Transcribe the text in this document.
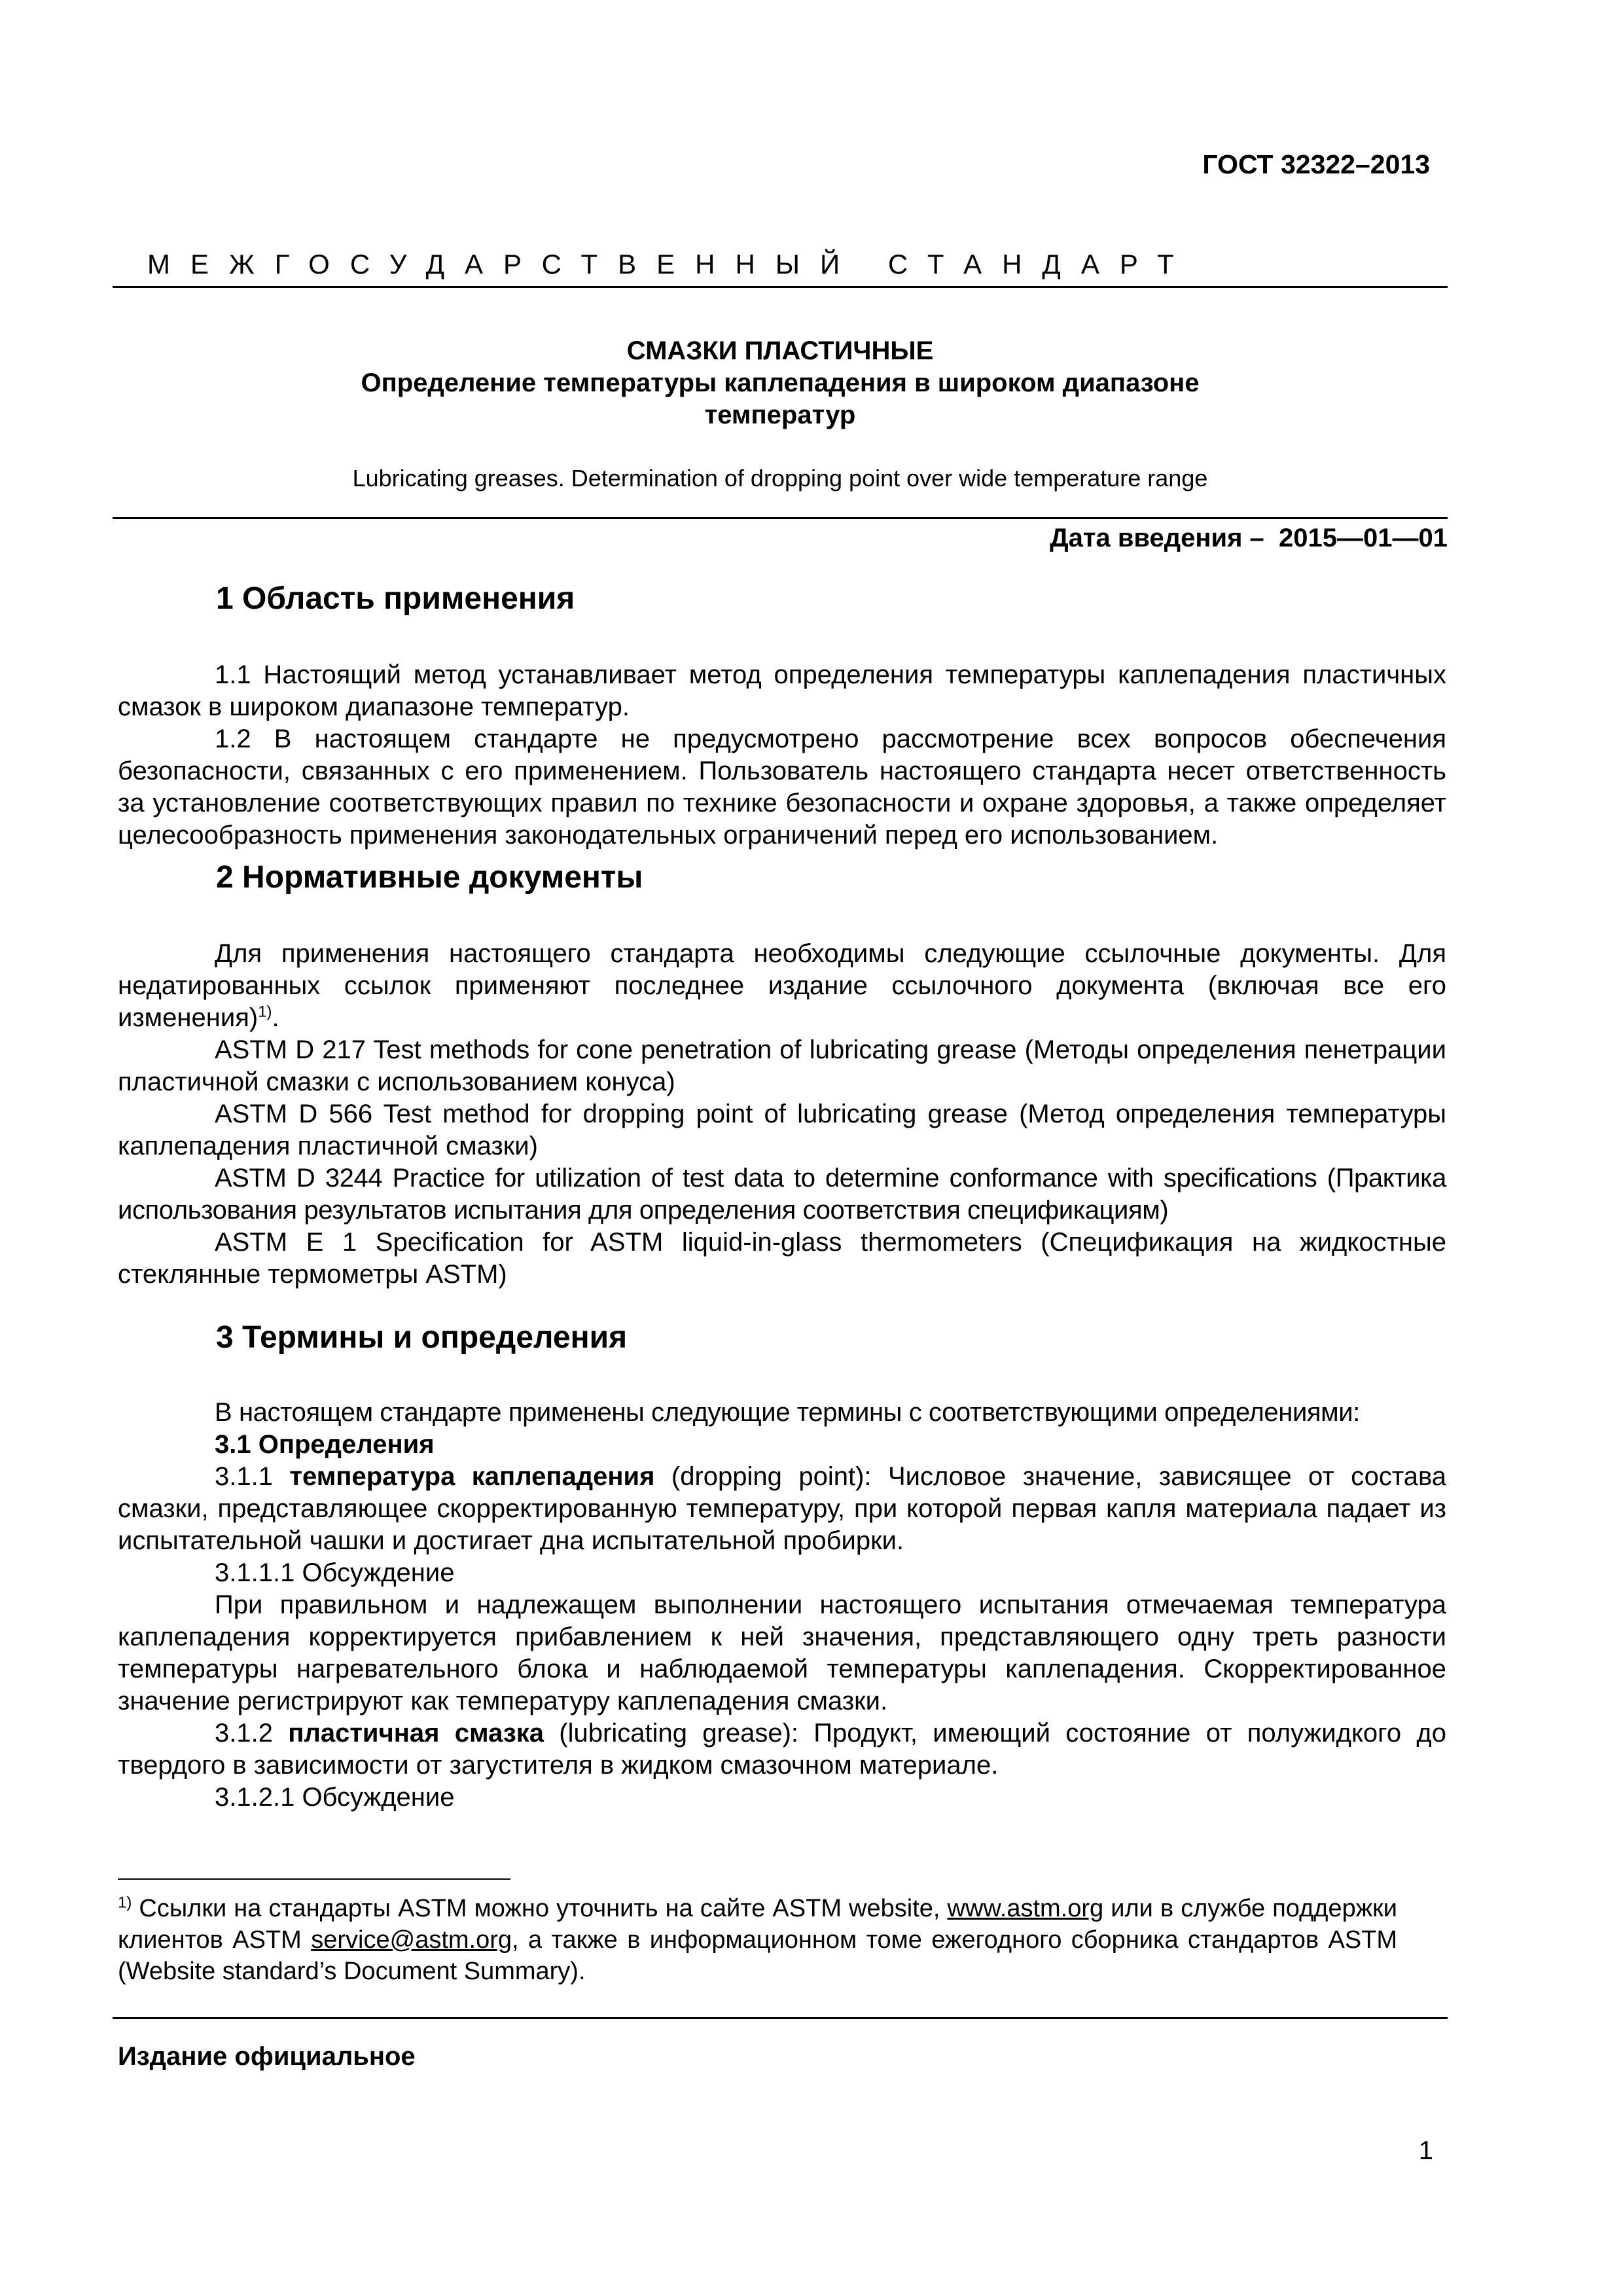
ГОСТ 32322–2013
МЕЖГОСУДАРСТВЕННЫЙ СТАНДАРТ
СМАЗКИ ПЛАСТИЧНЫЕ
Определение температуры каплепадения в широком диапазоне
температур
Lubricating greases. Determination of dropping point over wide temperature range
Дата введения –  2015—01—01
1 Область применения

1.1 Настоящий метод устанавливает метод определения температуры каплепадения пластичных смазок в широком диапазоне температур.

1.2 В настоящем стандарте не предусмотрено рассмотрение всех вопросов обеспечения безопасности, связанных с его применением. Пользователь настоящего стандарта несет ответственность за установление соответствующих правил по технике безопасности и охране здоровья, а также определяет целесообразность применения законодательных ограничений перед его использованием.

2 Нормативные документы

Для применения настоящего стандарта необходимы следующие ссылочные документы. Для недатированных ссылок применяют последнее издание ссылочного документа (включая все его изменения)$^{1)}$.

ASTM D 217 Test methods for cone penetration of lubricating grease (Методы определения пенетрации пластичной смазки с использованием конуса)

ASTM D 566 Test method for dropping point of lubricating grease (Метод определения температуры каплепадения пластичной смазки)

ASTM D 3244 Practice for utilization of test data to determine conformance with specifications (Практика использования результатов испытания для определения соответствия спецификациям)

ASTM E 1 Specification for ASTM liquid-in-glass thermometers (Спецификация на жидкостные стеклянные термометры ASTM)

3 Термины и определения

В настоящем стандарте применены следующие термины с соответствующими определениями:

3.1 Определения

3.1.1 температура каплепадения (dropping point): Числовое значение, зависящее от состава смазки, представляющее скорректированную температуру, при которой первая капля материала падает из испытательной чашки и достигает дна испытательной пробирки.

3.1.1.1 Обсуждение

При правильном и надлежащем выполнении настоящего испытания отмечаемая температура каплепадения корректируется прибавлением к ней значения, представляющего одну треть разности температуры нагревательного блока и наблюдаемой температуры каплепадения. Скорректированное значение регистрируют как температуру каплепадения смазки.

3.1.2 пластичная смазка (lubricating grease): Продукт, имеющий состояние от полужидкого до твердого в зависимости от загустителя в жидком смазочном материале.

3.1.2.1 Обсуждение

$^{1)}$ Ссылки на стандарты ASTM можно уточнить на сайте ASTM website, www.astm.org или в службе поддержки клиентов ASTM service@astm.org, а также в информационном томе ежегодного сборника стандартов ASTM (Website standard’s Document Summary).

Издание официальное
1
